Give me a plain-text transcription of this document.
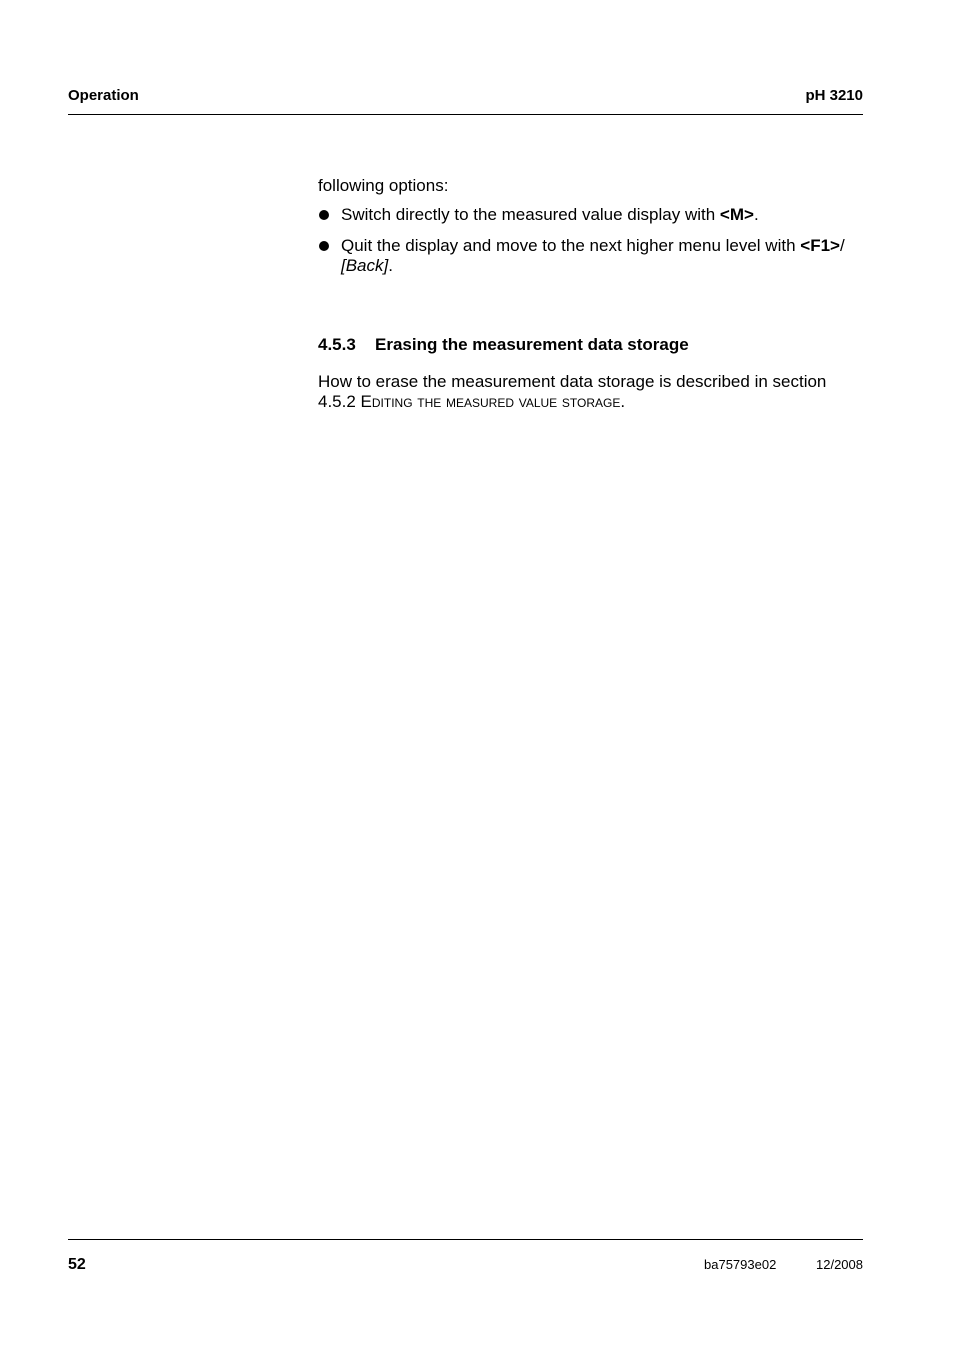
Operation	pH 3210

following options:

Switch directly to the measured value display with <M>.
Quit the display and move to the next higher menu level with <F1>/
[Back].
4.5.3 Erasing the measurement data storage

How to erase the measurement data storage is described in section
4.5.2 Editing the measured value storage.

52	ba75793e02	12/2008
